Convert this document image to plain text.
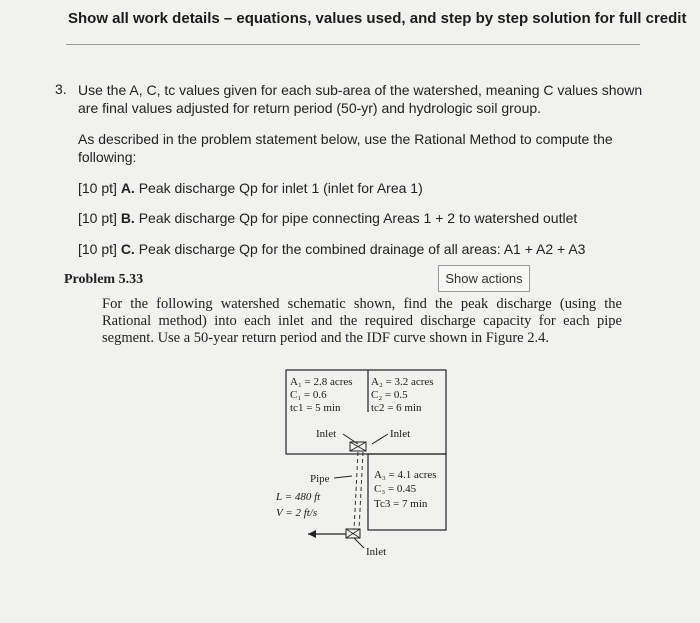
Show all work details – equations, values used, and step by step solution for full credit
3. Use the A, C, tc values given for each sub-area of the watershed, meaning C values shown are final values adjusted for return period (50-yr) and hydrologic soil group.
As described in the problem statement below, use the Rational Method to compute the following:
[10 pt] A. Peak discharge Qp for inlet 1 (inlet for Area 1)
[10 pt] B. Peak discharge Qp for pipe connecting Areas 1 + 2 to watershed outlet
[10 pt] C. Peak discharge Qp for the combined drainage of all areas: A1 + A2 + A3
Problem 5.33	Show actions
For the following watershed schematic shown, find the peak discharge (using the Rational method) into each inlet and the required discharge capacity for each pipe segment. Use a 50-year return period and the IDF curve shown in Figure 2.4.
A₁ = 2.8 acres
C₁ = 0.6
tc1 = 5 min
A₂ = 3.2 acres
C₂ = 0.5
tc2 = 6 min
Inlet	Inlet
Pipe
L = 480 ft
V = 2 ft/s
A₃ = 4.1 acres
C₃ = 0.45
Tc3 = 7 min
Inlet
